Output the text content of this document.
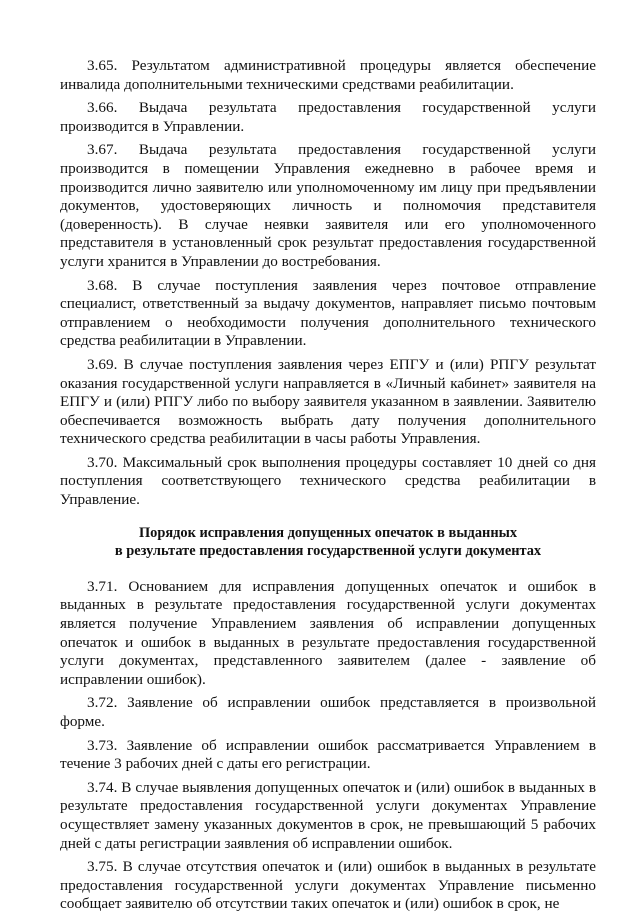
3.65. Результатом административной процедуры является обеспечение инвалида дополнительными техническими средствами реабилитации.

3.66. Выдача результата предоставления государственной услуги производится в Управлении.

3.67. Выдача результата предоставления государственной услуги производится в помещении Управления ежедневно в рабочее время и производится лично заявителю или уполномоченному им лицу при предъявлении документов, удостоверяющих личность и полномочия представителя (доверенность). В случае неявки заявителя или его уполномоченного представителя в установленный срок результат предоставления государственной услуги хранится в Управлении до востребования.

3.68. В случае поступления заявления через почтовое отправление специалист, ответственный за выдачу документов, направляет письмо почтовым отправлением о необходимости получения дополнительного технического средства реабилитации в Управлении.

3.69. В случае поступления заявления через ЕПГУ и (или) РПГУ результат оказания государственной услуги направляется в «Личный кабинет» заявителя на ЕПГУ и (или) РПГУ либо по выбору заявителя указанном в заявлении. Заявителю обеспечивается возможность выбрать дату получения дополнительного технического средства реабилитации в часы работы Управления.

3.70. Максимальный срок выполнения процедуры составляет 10 дней со дня поступления соответствующего технического средства реабилитации в Управление.

Порядок исправления допущенных опечаток в выданных
в результате предоставления государственной услуги документах

3.71. Основанием для исправления допущенных опечаток и ошибок в выданных в результате предоставления государственной услуги документах является получение Управлением заявления об исправлении допущенных опечаток и ошибок в выданных в результате предоставления государственной услуги документах, представленного заявителем (далее - заявление об исправлении ошибок).

3.72. Заявление об исправлении ошибок представляется в произвольной форме.

3.73. Заявление об исправлении ошибок рассматривается Управлением в течение 3 рабочих дней с даты его регистрации.

3.74. В случае выявления допущенных опечаток и (или) ошибок в выданных в результате предоставления государственной услуги документах Управление осуществляет замену указанных документов в срок, не превышающий 5 рабочих дней с даты регистрации заявления об исправлении ошибок.

3.75. В случае отсутствия опечаток и (или) ошибок в выданных в результате предоставления государственной услуги документах Управление письменно сообщает заявителю об отсутствии таких опечаток и (или) ошибок в срок, не
